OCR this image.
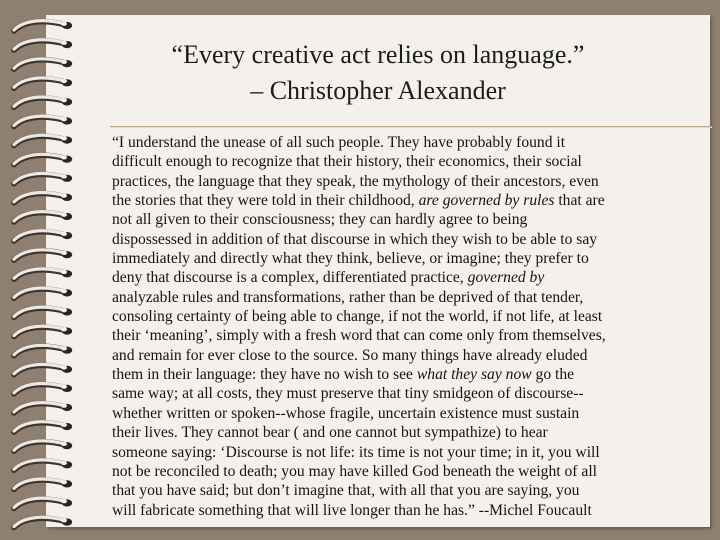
“Every creative act relies on language.”
– Christopher Alexander
“I understand the unease of all such people. They have probably found it
difficult enough to recognize that their history, their economics, their social
practices, the language that they speak, the mythology of their ancestors, even
the stories that they were told in their childhood, are governed by rules that are
not all given to their consciousness; they can hardly agree to being
dispossessed in addition of that discourse in which they wish to be able to say
immediately and directly what they think, believe, or imagine; they prefer to
deny that discourse is a complex, differentiated practice, governed by
analyzable rules and transformations, rather than be deprived of that tender,
consoling certainty of being able to change, if not the world, if not life, at least
their ‘meaning’, simply with a fresh word that can come only from themselves,
and remain for ever close to the source. So many things have already eluded
them in their language: they have no wish to see what they say now go the
same way; at all costs, they must preserve that tiny smidgeon of discourse--
whether written or spoken--whose fragile, uncertain existence must sustain
their lives. They cannot bear ( and one cannot but sympathize) to hear
someone saying: ‘Discourse is not life: its time is not your time; in it, you will
not be reconciled to death; you may have killed God beneath the weight of all
that you have said; but don’t imagine that, with all that you are saying, you
will fabricate something that will live longer than he has.” --Michel Foucault
